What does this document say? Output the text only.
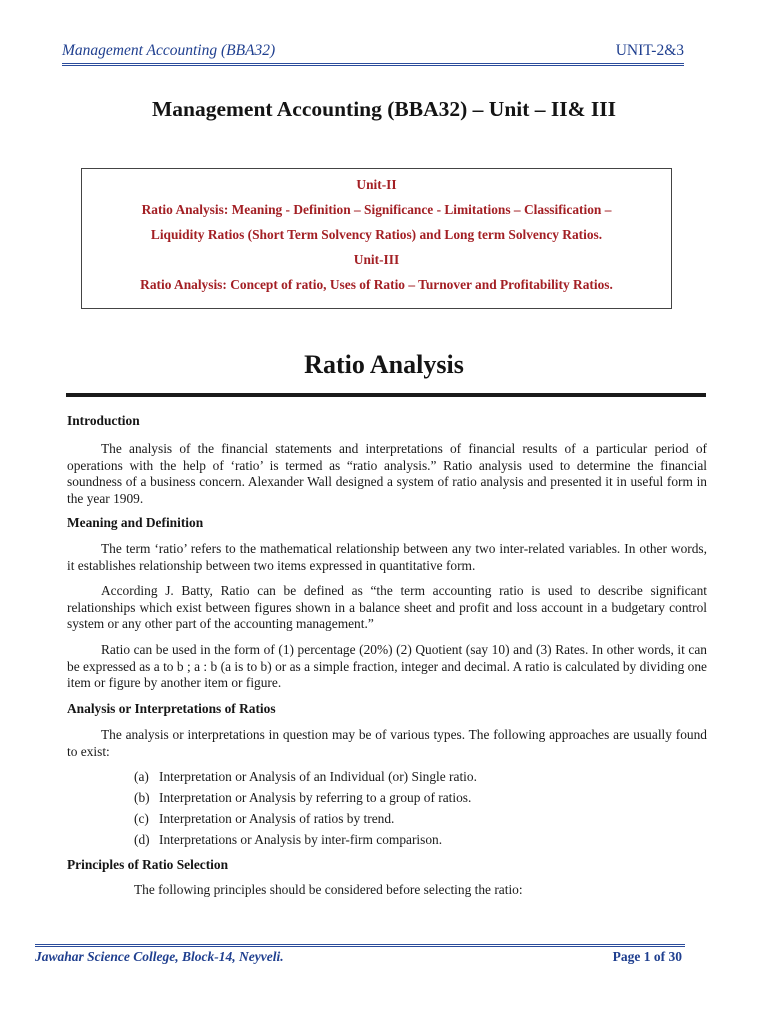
Management Accounting (BBA32)	UNIT-2&3
Management Accounting (BBA32) – Unit – II& III
Unit-II
Ratio Analysis: Meaning - Definition – Significance - Limitations – Classification –
Liquidity Ratios (Short Term Solvency Ratios) and Long term Solvency Ratios.
Unit-III
Ratio Analysis: Concept of ratio, Uses of Ratio – Turnover and Profitability Ratios.
Ratio Analysis
Introduction
The analysis of the financial statements and interpretations of financial results of a particular period of operations with the help of ‘ratio’ is termed as “ratio analysis.” Ratio analysis used to determine the financial soundness of a business concern. Alexander Wall designed a system of ratio analysis and presented it in useful form in the year 1909.
Meaning and Definition
The term ‘ratio’ refers to the mathematical relationship between any two inter-related variables. In other words, it establishes relationship between two items expressed in quantitative form.
According J. Batty, Ratio can be defined as “the term accounting ratio is used to describe significant relationships which exist between figures shown in a balance sheet and profit and loss account in a budgetary control system or any other part of the accounting management.”
Ratio can be used in the form of (1) percentage (20%) (2) Quotient (say 10) and (3) Rates. In other words, it can be expressed as a to b ; a : b (a is to b) or as a simple fraction, integer and decimal. A ratio is calculated by dividing one item or figure by another item or figure.
Analysis or Interpretations of Ratios
The analysis or interpretations in question may be of various types. The following approaches are usually found to exist:
(a) Interpretation or Analysis of an Individual (or) Single ratio.
(b) Interpretation or Analysis by referring to a group of ratios.
(c) Interpretation or Analysis of ratios by trend.
(d) Interpretations or Analysis by inter-firm comparison.
Principles of Ratio Selection
The following principles should be considered before selecting the ratio:
Jawahar Science College, Block-14, Neyveli.	Page 1 of 30
